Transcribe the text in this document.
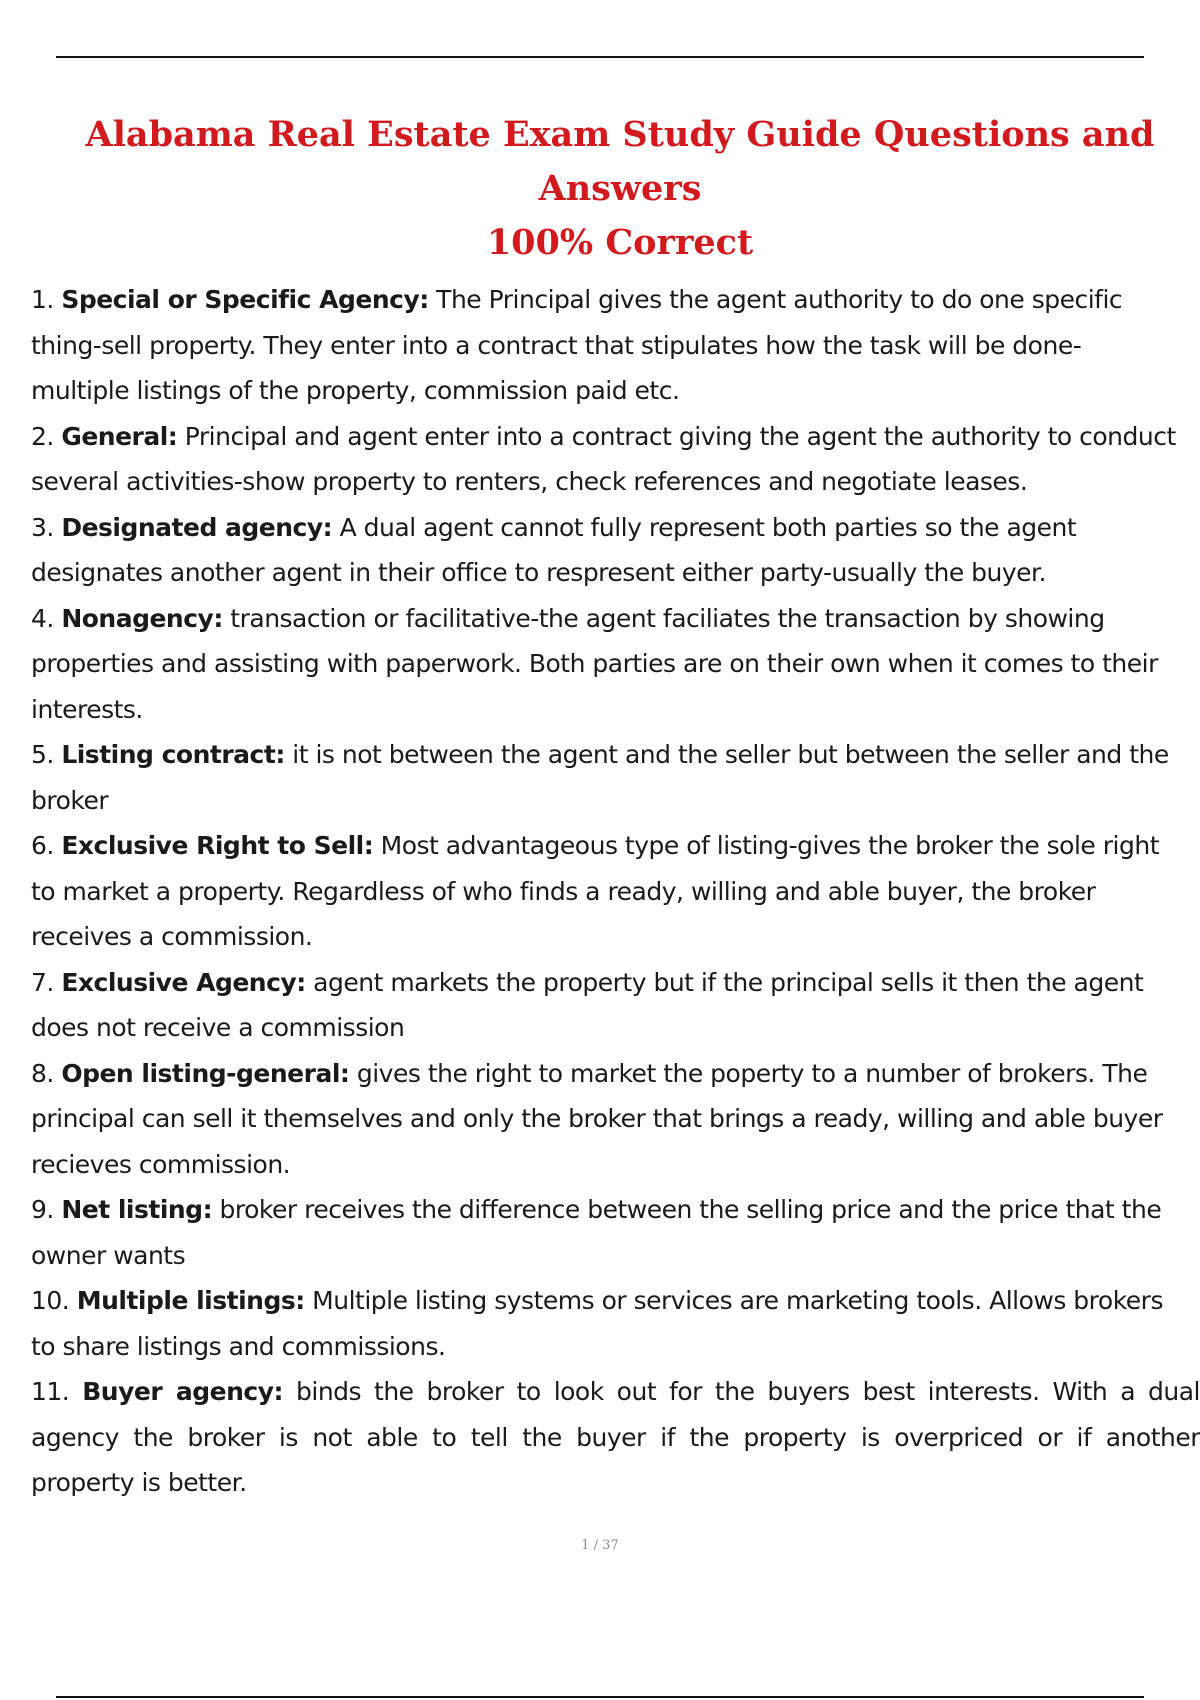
Alabama Real Estate Exam Study Guide Questions and Answers
100% Correct
1. Special or Specific Agency: The Principal gives the agent authority to do one specific
thing-sell property. They enter into a contract that stipulates how the task will be done-
multiple listings of the property, commission paid etc.
2. General: Principal and agent enter into a contract giving the agent the authority to conduct
several activities-show property to renters, check references and negotiate leases.
3. Designated agency: A dual agent cannot fully represent both parties so the agent
designates another agent in their office to respresent either party-usually the buyer.
4. Nonagency: transaction or facilitative-the agent faciliates the transaction by showing
properties and assisting with paperwork. Both parties are on their own when it comes to their
interests.
5. Listing contract: it is not between the agent and the seller but between the seller and the
broker
6. Exclusive Right to Sell: Most advantageous type of listing-gives the broker the sole right
to market a property. Regardless of who finds a ready, willing and able buyer, the broker
receives a commission.
7. Exclusive Agency: agent markets the property but if the principal sells it then the agent
does not receive a commission
8. Open listing-general: gives the right to market the poperty to a number of brokers. The
principal can sell it themselves and only the broker that brings a ready, willing and able buyer
recieves commission.
9. Net listing: broker receives the difference between the selling price and the price that the
owner wants
10. Multiple listings: Multiple listing systems or services are marketing tools. Allows brokers
to share listings and commissions.
11. Buyer agency: binds the broker to look out for the buyers best interests. With a dual
agency the broker is not able to tell the buyer if the property is overpriced or if another
property is better.
1 / 37
